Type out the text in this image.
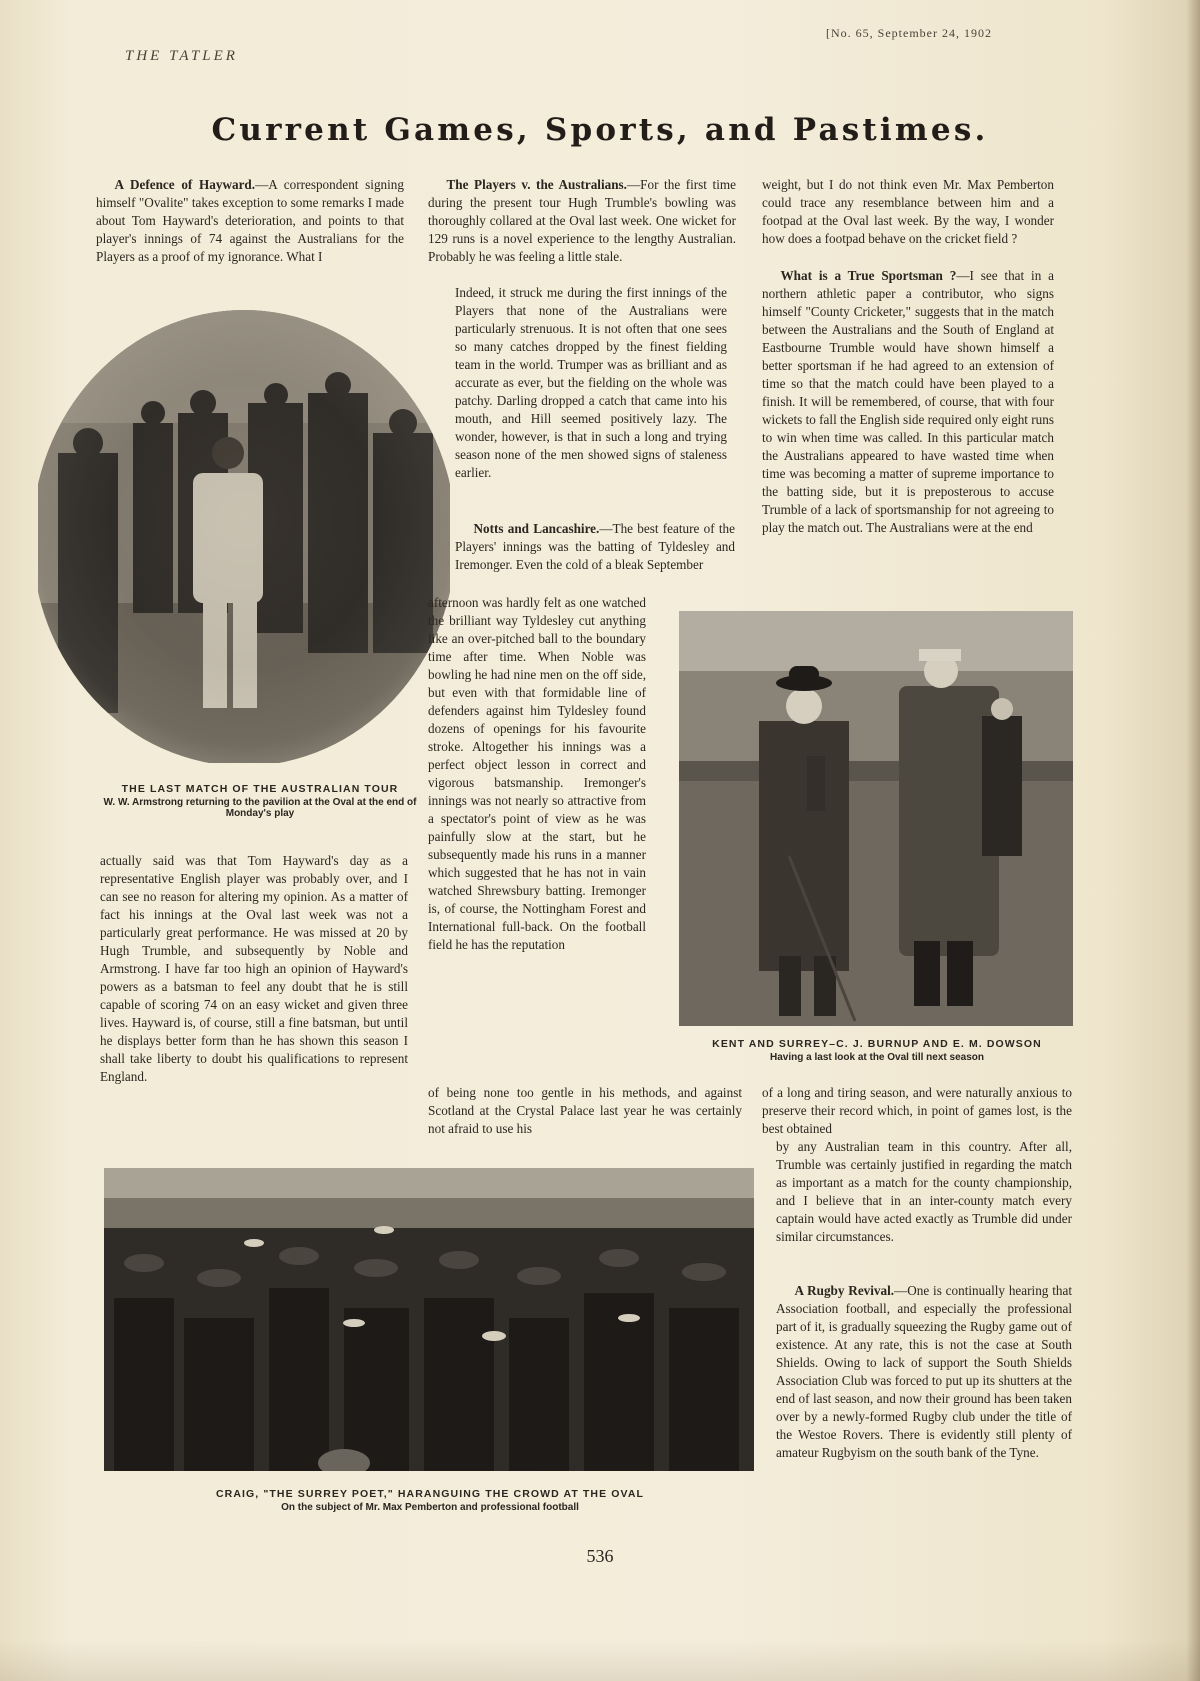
THE TATLER
[No. 65, September 24, 1902
Current Games, Sports, and Pastimes.

A Defence of Hayward.—A correspondent signing himself "Ovalite" takes exception to some remarks I made about Tom Hayward's deterioration, and points to that player's innings of 74 against the Australians for the Players as a proof of my ignorance. What I

THE LAST MATCH OF THE AUSTRALIAN TOUR

W. W. Armstrong returning to the pavilion at the Oval at the end of Monday's play

actually said was that Tom Hayward's day as a representative English player was probably over, and I can see no reason for altering my opinion. As a matter of fact his innings at the Oval last week was not a particularly great performance. He was missed at 20 by Hugh Trumble, and subsequently by Noble and Armstrong. I have far too high an opinion of Hayward's powers as a batsman to feel any doubt that he is still capable of scoring 74 on an easy wicket and given three lives. Hayward is, of course, still a fine batsman, but until he displays better form than he has shown this season I shall take liberty to doubt his qualifications to represent England.

The Players v. the Australians.—For the first time during the present tour Hugh Trumble's bowling was thoroughly collared at the Oval last week. One wicket for 129 runs is a novel experience to the lengthy Australian. Probably he was feeling a little stale.

Indeed, it struck me during the first innings of the Players that none of the Australians were particularly strenuous. It is not often that one sees so many catches dropped by the finest fielding team in the world. Trumper was as brilliant and as accurate as ever, but the fielding on the whole was patchy. Darling dropped a catch that came into his mouth, and Hill seemed positively lazy. The wonder, however, is that in such a long and trying season none of the men showed signs of staleness earlier.

Notts and Lancashire.—The best feature of the Players' innings was the batting of Tyldesley and Iremonger. Even the cold of a bleak September

afternoon was hardly felt as one watched the brilliant way Tyldesley cut anything like an over-pitched ball to the boundary time after time. When Noble was bowling he had nine men on the off side, but even with that formidable line of defenders against him Tyldesley found dozens of openings for his favourite stroke. Altogether his innings was a perfect object lesson in correct and vigorous batsmanship. Iremonger's innings was not nearly so attractive from a spectator's point of view as he was painfully slow at the start, but he subsequently made his runs in a manner which suggested that he has not in vain watched Shrewsbury batting. Iremonger is, of course, the Nottingham Forest and International full-back. On the football field he has the reputation

of being none too gentle in his methods, and against Scotland at the Crystal Palace last year he was certainly not afraid to use his

weight, but I do not think even Mr. Max Pemberton could trace any resemblance between him and a footpad at the Oval last week. By the way, I wonder how does a footpad behave on the cricket field ?

What is a True Sportsman ?—I see that in a northern athletic paper a contributor, who signs himself "County Cricketer," suggests that in the match between the Australians and the South of England at Eastbourne Trumble would have shown himself a better sportsman if he had agreed to an extension of time so that the match could have been played to a finish. It will be remembered, of course, that with four wickets to fall the English side required only eight runs to win when time was called. In this particular match the Australians appeared to have wasted time when time was becoming a matter of supreme importance to the batting side, but it is preposterous to accuse Trumble of a lack of sportsmanship for not agreeing to play the match out. The Australians were at the end

KENT AND SURREY–C. J. BURNUP AND E. M. DOWSON

Having a last look at the Oval till next season

of a long and tiring season, and were naturally anxious to preserve their record which, in point of games lost, is the best obtained

by any Australian team in this country. After all, Trumble was certainly justified in regarding the match as important as a match for the county championship, and I believe that in an inter-county match every captain would have acted exactly as Trumble did under similar circumstances.

A Rugby Revival.—One is continually hearing that Association football, and especially the professional part of it, is gradually squeezing the Rugby game out of existence. At any rate, this is not the case at South Shields. Owing to lack of support the South Shields Association Club was forced to put up its shutters at the end of last season, and now their ground has been taken over by a newly-formed Rugby club under the title of the Westoe Rovers. There is evidently still plenty of amateur Rugbyism on the south bank of the Tyne.

CRAIG, "THE SURREY POET," HARANGUING THE CROWD AT THE OVAL

On the subject of Mr. Max Pemberton and professional football

536
